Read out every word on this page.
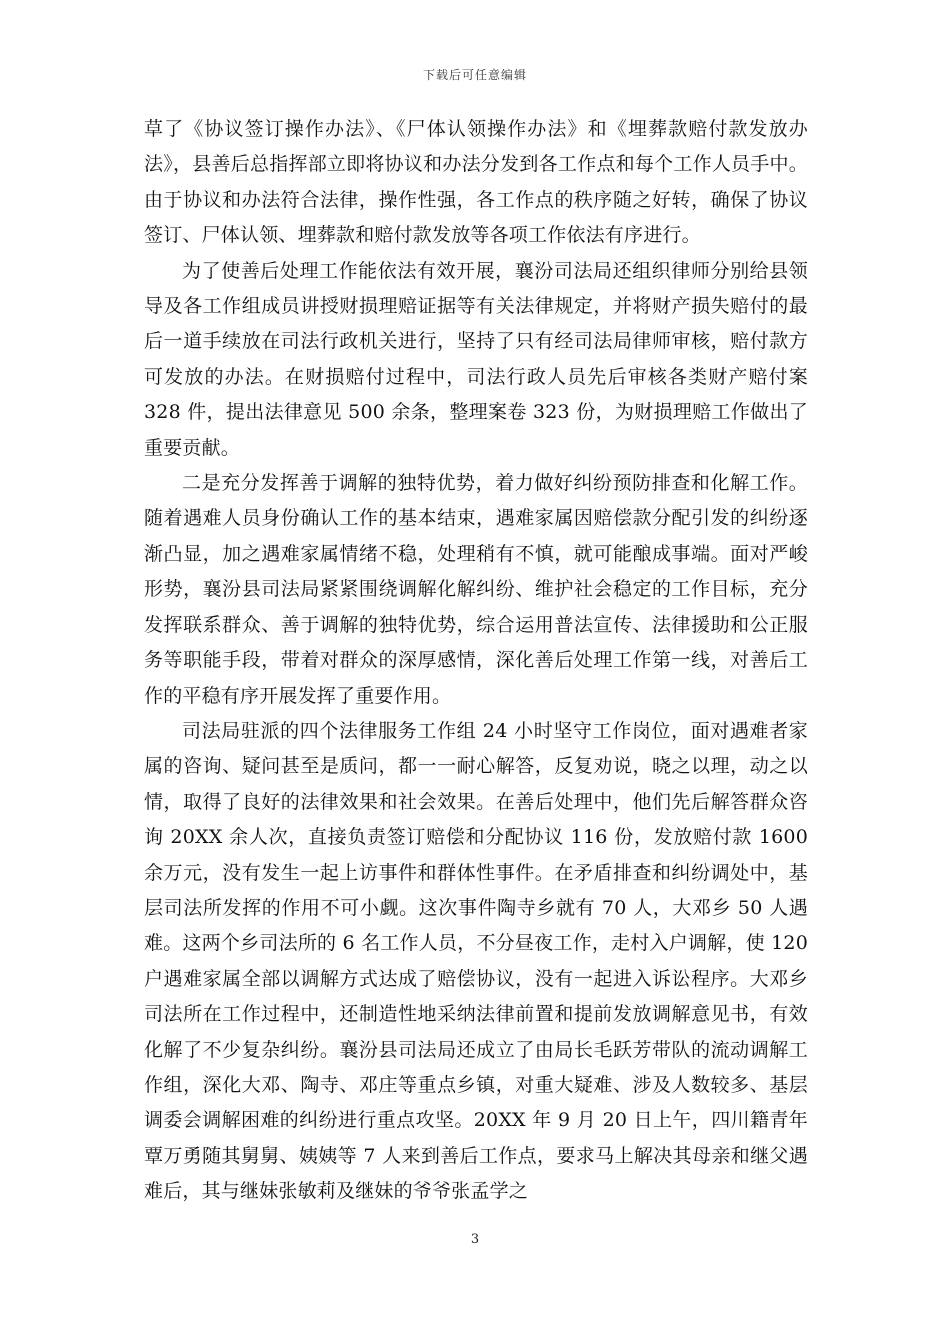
下载后可任意编辑

草了《协议签订操作办法》、《尸体认领操作办法》和《埋葬款赔付款发放办法》，县善后总指挥部立即将协议和办法分发到各工作点和每个工作人员手中。由于协议和办法符合法律，操作性强，各工作点的秩序随之好转，确保了协议签订、尸体认领、埋葬款和赔付款发放等各项工作依法有序进行。

为了使善后处理工作能依法有效开展，襄汾司法局还组织律师分别给县领导及各工作组成员讲授财损理赔证据等有关法律规定，并将财产损失赔付的最后一道手续放在司法行政机关进行，坚持了只有经司法局律师审核，赔付款方可发放的办法。在财损赔付过程中，司法行政人员先后审核各类财产赔付案 328 件，提出法律意见 500 余条，整理案卷 323 份，为财损理赔工作做出了重要贡献。

二是充分发挥善于调解的独特优势，着力做好纠纷预防排查和化解工作。随着遇难人员身份确认工作的基本结束，遇难家属因赔偿款分配引发的纠纷逐渐凸显，加之遇难家属情绪不稳，处理稍有不慎，就可能酿成事端。面对严峻形势，襄汾县司法局紧紧围绕调解化解纠纷、维护社会稳定的工作目标，充分发挥联系群众、善于调解的独特优势，综合运用普法宣传、法律援助和公正服务等职能手段，带着对群众的深厚感情，深化善后处理工作第一线，对善后工作的平稳有序开展发挥了重要作用。

司法局驻派的四个法律服务工作组 24 小时坚守工作岗位，面对遇难者家属的咨询、疑问甚至是质问，都一一耐心解答，反复劝说，晓之以理，动之以情，取得了良好的法律效果和社会效果。在善后处理中，他们先后解答群众咨询 20XX 余人次，直接负责签订赔偿和分配协议 116 份，发放赔付款 1600 余万元，没有发生一起上访事件和群体性事件。在矛盾排查和纠纷调处中，基层司法所发挥的作用不可小觑。这次事件陶寺乡就有 70 人，大邓乡 50 人遇难。这两个乡司法所的 6 名工作人员，不分昼夜工作，走村入户调解，使 120 户遇难家属全部以调解方式达成了赔偿协议，没有一起进入诉讼程序。大邓乡司法所在工作过程中，还制造性地采纳法律前置和提前发放调解意见书，有效化解了不少复杂纠纷。襄汾县司法局还成立了由局长毛跃芳带队的流动调解工作组，深化大邓、陶寺、邓庄等重点乡镇，对重大疑难、涉及人数较多、基层调委会调解困难的纠纷进行重点攻坚。20XX 年 9 月 20 日上午，四川籍青年覃万勇随其舅舅、姨姨等 7 人来到善后工作点，要求马上解决其母亲和继父遇难后，其与继妹张敏莉及继妹的爷爷张孟学之

3
